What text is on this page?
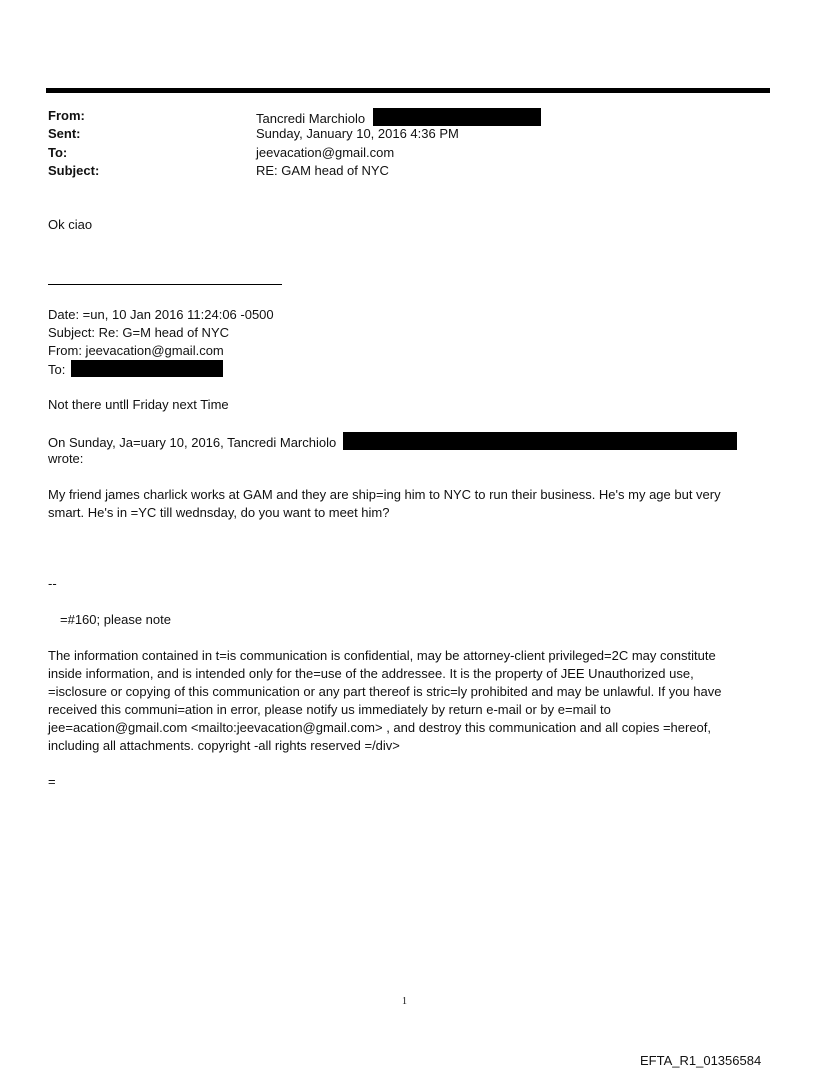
From:	Tancredi Marchiolo
Sent:	Sunday, January 10, 2016 4:36 PM
To:	jeevacation@gmail.com
Subject:	RE: GAM head of NYC
Ok ciao
Date: =un, 10 Jan 2016 11:24:06 -0500
Subject: Re: G=M head of NYC
From: jeevacation@gmail.com
To:
Not there untll Friday next Time
On Sunday, Ja=uary 10, 2016, Tancredi Marchiolo
wrote:
My friend james charlick works at GAM and they are ship=ing him to NYC to run their business. He's my age but very
smart. He's in =YC till wednsday, do you want to meet him?
--
=#160; please note
The information contained in t=is communication is confidential, may be attorney-client privileged=2C may constitute
inside information, and is intended only for the=use of the addressee. It is the property of JEE Unauthorized use,
=isclosure or copying of this communication or any part thereof is stric=ly prohibited and may be unlawful. If you have
received this communi=ation in error, please notify us immediately by return e-mail or by e=mail to
jee=acation@gmail.com <mailto:jeevacation@gmail.com> , and destroy this communication and all copies =hereof,
including all attachments. copyright -all rights reserved =/div>
=
1
EFTA_R1_01356584
